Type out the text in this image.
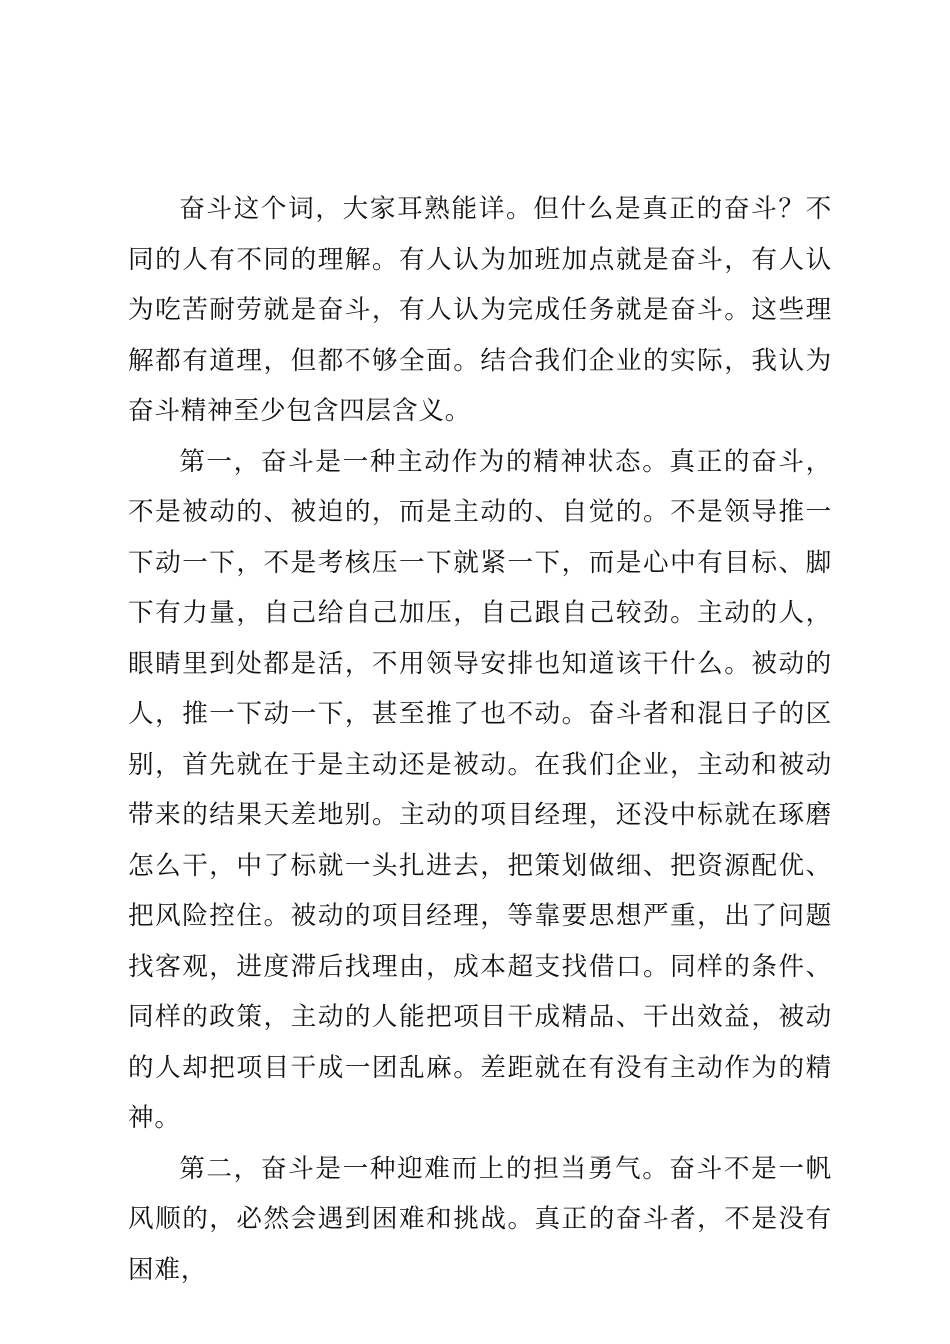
奋斗这个词，大家耳熟能详。但什么是真正的奋斗？不同的人有不同的理解。有人认为加班加点就是奋斗，有人认为吃苦耐劳就是奋斗，有人认为完成任务就是奋斗。这些理解都有道理，但都不够全面。结合我们企业的实际，我认为奋斗精神至少包含四层含义。

第一，奋斗是一种主动作为的精神状态。真正的奋斗，不是被动的、被迫的，而是主动的、自觉的。不是领导推一下动一下，不是考核压一下就紧一下，而是心中有目标、脚下有力量，自己给自己加压，自己跟自己较劲。主动的人，眼睛里到处都是活，不用领导安排也知道该干什么。被动的人，推一下动一下，甚至推了也不动。奋斗者和混日子的区别，首先就在于是主动还是被动。在我们企业，主动和被动带来的结果天差地别。主动的项目经理，还没中标就在琢磨怎么干，中了标就一头扎进去，把策划做细、把资源配优、把风险控住。被动的项目经理，等靠要思想严重，出了问题找客观，进度滞后找理由，成本超支找借口。同样的条件、同样的政策，主动的人能把项目干成精品、干出效益，被动的人却把项目干成一团乱麻。差距就在有没有主动作为的精神。

第二，奋斗是一种迎难而上的担当勇气。奋斗不是一帆风顺的，必然会遇到困难和挑战。真正的奋斗者，不是没有困难，
